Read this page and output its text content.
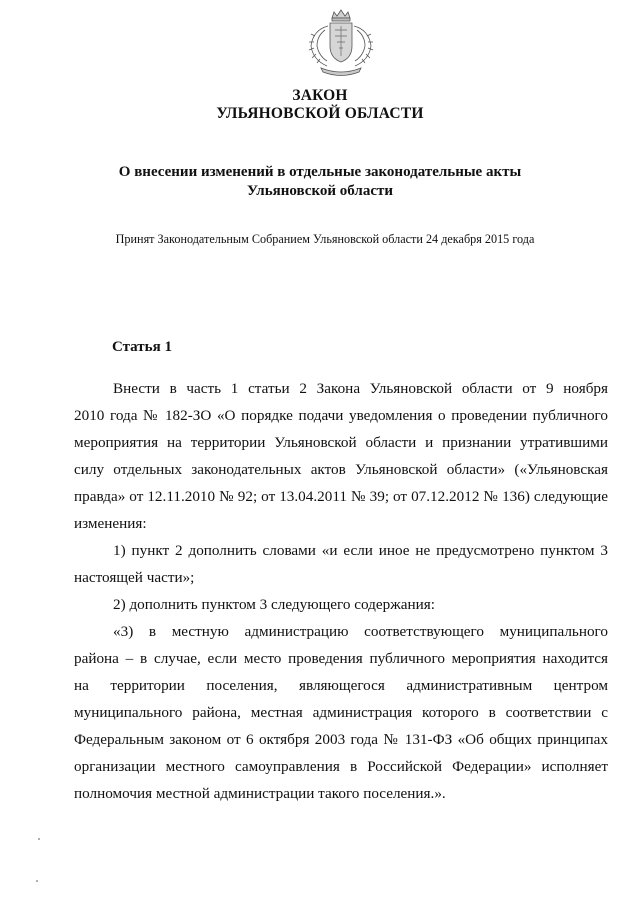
ЗАКОН
УЛЬЯНОВСКОЙ ОБЛАСТИ
О внесении изменений в отдельные законодательные акты
Ульяновской области
Принят Законодательным Собранием Ульяновской области 24 декабря 2015 года
Статья 1
Внести в часть 1 статьи 2 Закона Ульяновской области от 9 ноября
2010 года № 182-ЗО «О порядке подачи уведомления о проведении публичного
мероприятия на территории Ульяновской области и признании утратившими
силу отдельных законодательных актов Ульяновской области» («Ульяновская
правда» от 12.11.2010 № 92; от 13.04.2011 № 39; от 07.12.2012 № 136) следующие
изменения:
1) пункт 2 дополнить словами «и если иное не предусмотрено пунктом 3
настоящей части»;
2) дополнить пунктом 3 следующего содержания:
«3) в местную администрацию соответствующего муниципального
района – в случае, если место проведения публичного мероприятия находится
на территории поселения, являющегося административным центром
муниципального района, местная администрация которого в соответствии с
Федеральным законом от 6 октября 2003 года № 131-ФЗ «Об общих принципах
организации местного самоуправления в Российской Федерации» исполняет
полномочия местной администрации такого поселения.».
